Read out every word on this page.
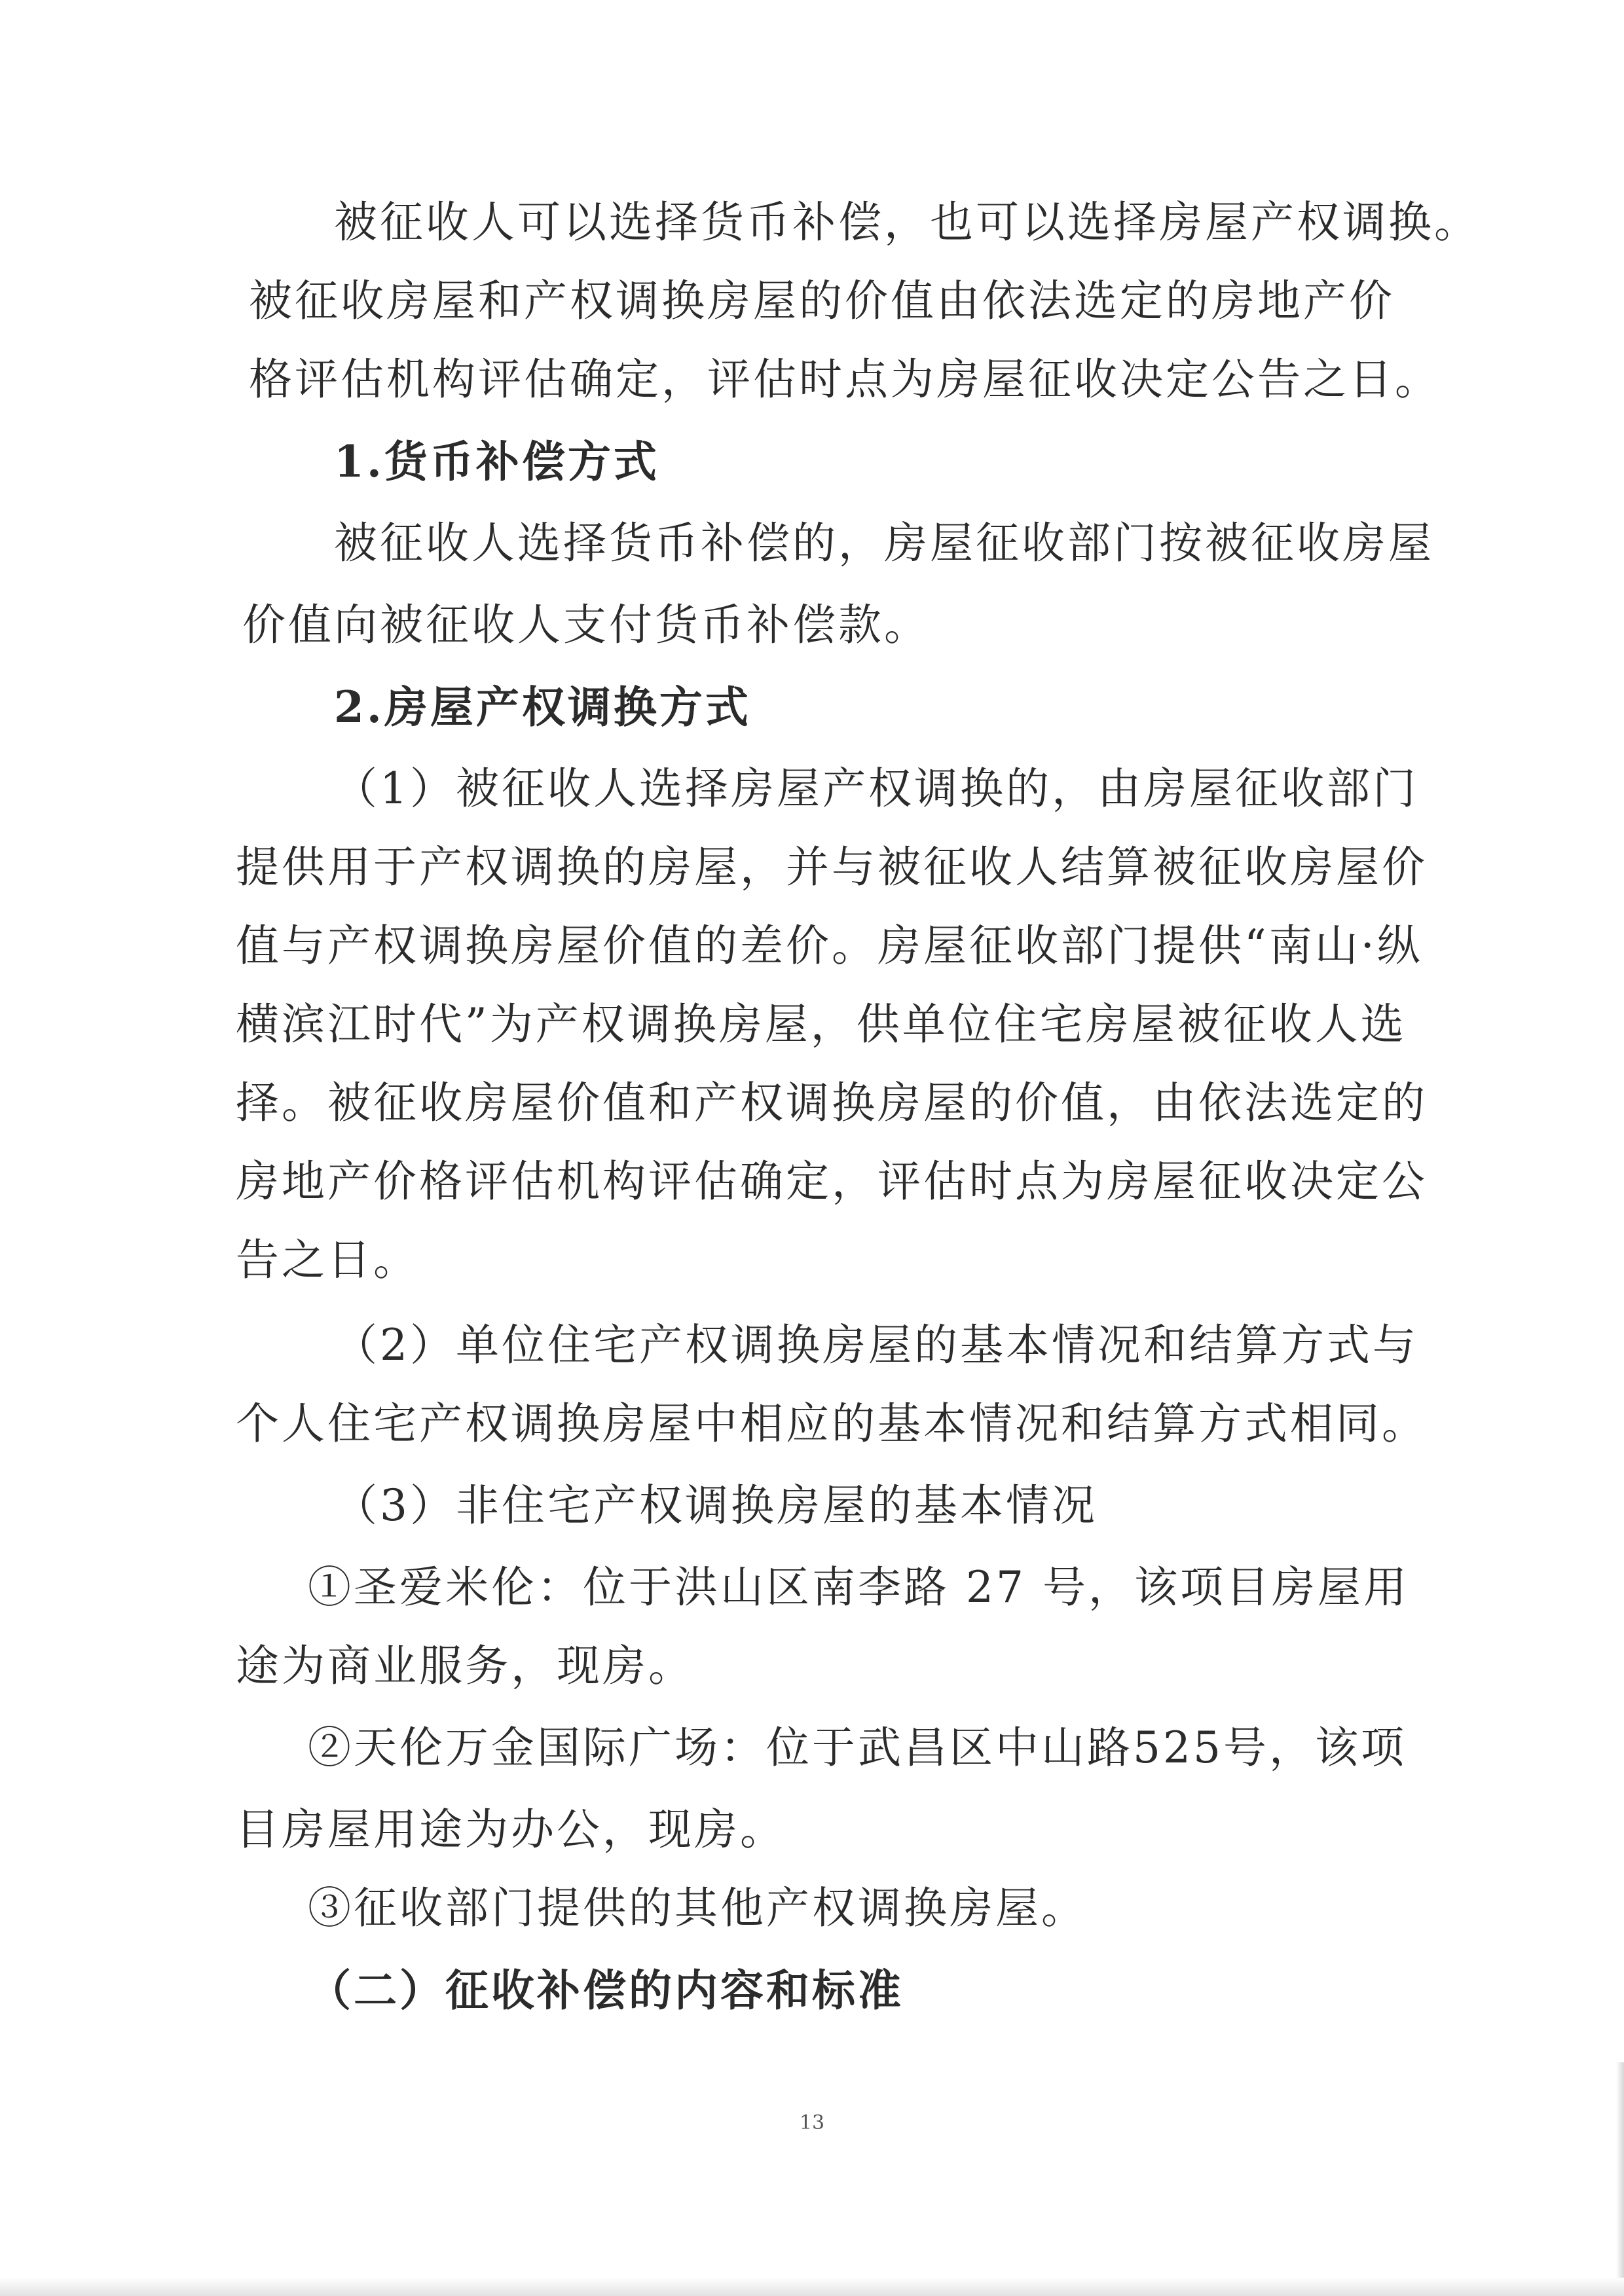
被征收人可以选择货币补偿，也可以选择房屋产权调换。
被征收房屋和产权调换房屋的价值由依法选定的房地产价
格评估机构评估确定，评估时点为房屋征收决定公告之日。
1.货币补偿方式
被征收人选择货币补偿的，房屋征收部门按被征收房屋
价值向被征收人支付货币补偿款。
2.房屋产权调换方式
（1）被征收人选择房屋产权调换的，由房屋征收部门
提供用于产权调换的房屋，并与被征收人结算被征收房屋价
值与产权调换房屋价值的差价。房屋征收部门提供“南山·纵
横滨江时代”为产权调换房屋，供单位住宅房屋被征收人选
择。被征收房屋价值和产权调换房屋的价值，由依法选定的
房地产价格评估机构评估确定，评估时点为房屋征收决定公
告之日。
（2）单位住宅产权调换房屋的基本情况和结算方式与
个人住宅产权调换房屋中相应的基本情况和结算方式相同。
（3）非住宅产权调换房屋的基本情况
①圣爱米伦：位于洪山区南李路 27 号，该项目房屋用
途为商业服务，现房。
②天伦万金国际广场：位于武昌区中山路525号，该项
目房屋用途为办公，现房。
③征收部门提供的其他产权调换房屋。
（二）征收补偿的内容和标准
13
